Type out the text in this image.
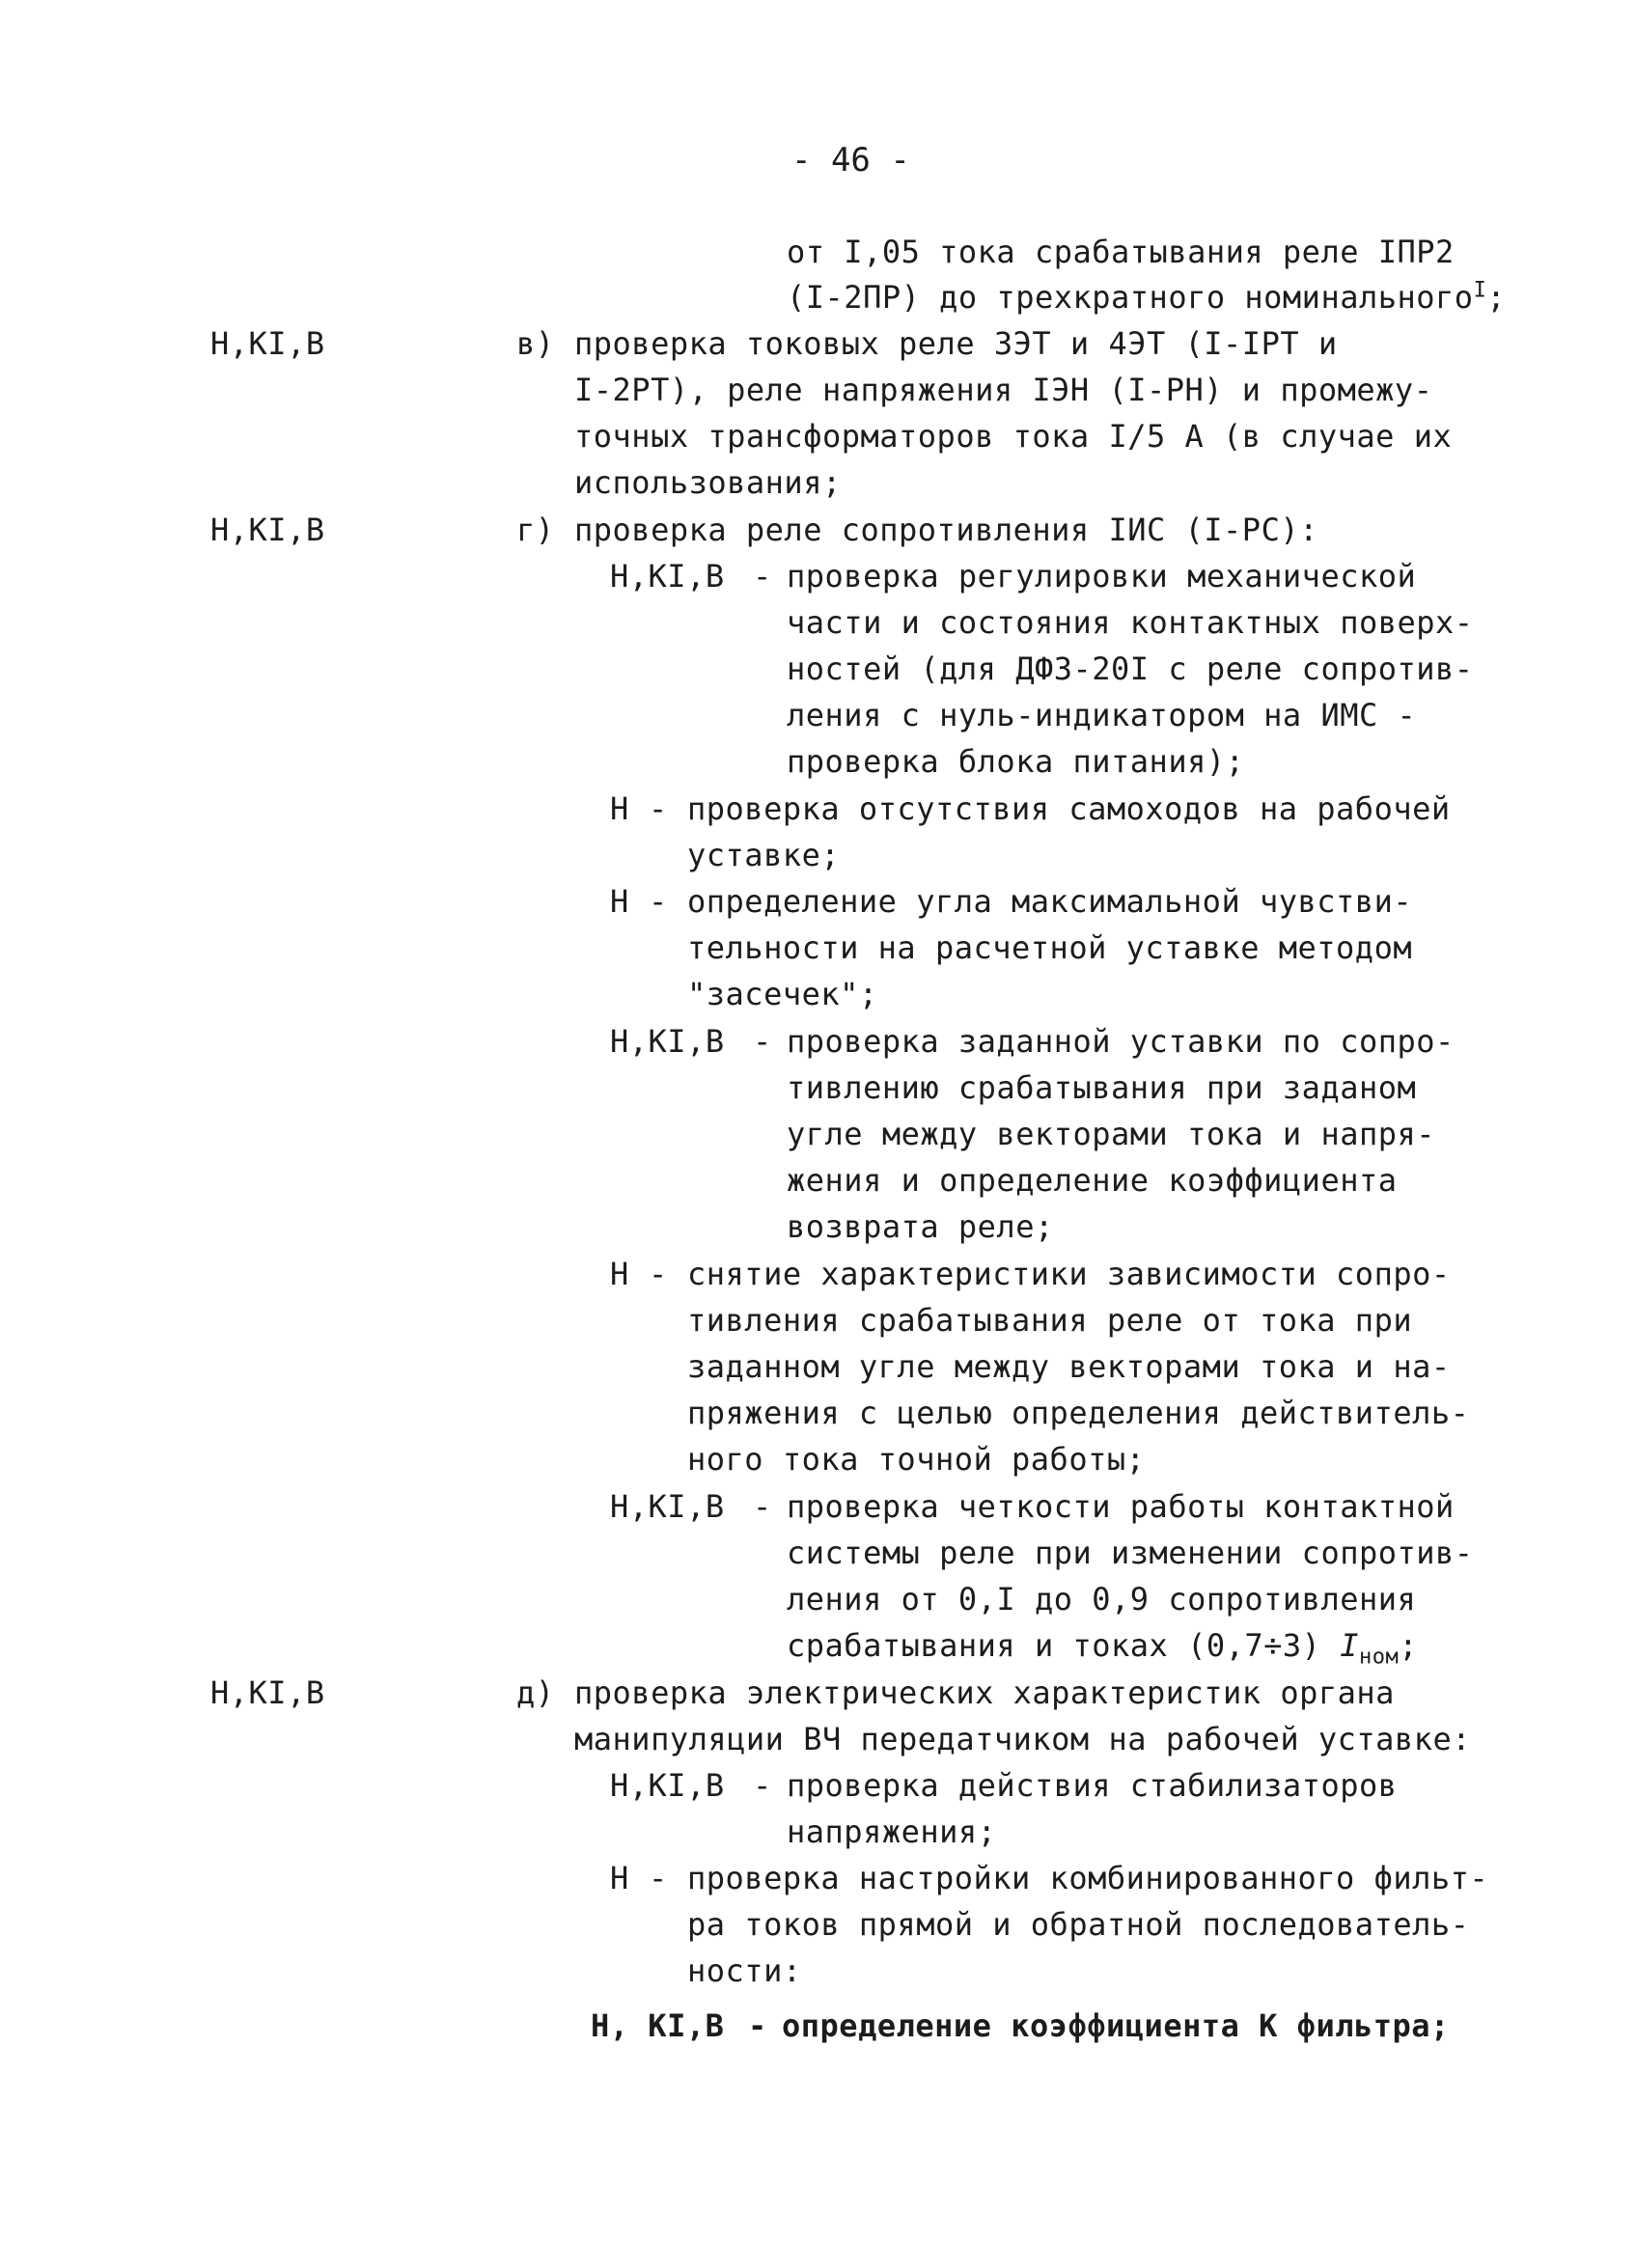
- 46 -
от I,05 тока срабатывания реле IПР2
(I-2ПР) до трехкратного номинального$^I$;
Н,КI,В	в) проверка токовых реле 3ЭТ и 4ЭТ (I-IРТ и
I-2РТ), реле напряжения IЭН (I-РН) и промежу-
точных трансформаторов тока I/5 А (в случае их
использования;
Н,КI,В	г) проверка реле сопротивления IИС (I-РС):
Н,КI,В - проверка регулировки механической
части и состояния контактных поверх-
ностей (для ДФЗ-20I с реле сопротив-
ления с нуль-индикатором на ИМС -
проверка блока питания);
Н - проверка отсутствия самоходов на рабочей
уставке;
Н - определение угла максимальной чувстви-
тельности на расчетной уставке методом
"засечек";
Н,КI,В - проверка заданной уставки по сопро-
тивлению срабатывания при заданом
угле между векторами тока и напря-
жения и определение коэффициента
возврата реле;
Н - снятие характеристики зависимости сопро-
тивления срабатывания реле от тока при
заданном угле между векторами тока и на-
пряжения с целью определения действитель-
ного тока точной работы;
Н,КI,В - проверка четкости работы контактной
системы реле при изменении сопротив-
ления от 0,I до 0,9 сопротивления
срабатывания и токах (0,7÷3) $I_{ном}$;
Н,КI,В	д) проверка электрических характеристик органа
манипуляции ВЧ передатчиком на рабочей уставке:
Н,КI,В - проверка действия стабилизаторов
напряжения;
Н - проверка настройки комбинированного фильт-
ра токов прямой и обратной последователь-
ности:
Н, КI,В - определение коэффициента К фильтра;
